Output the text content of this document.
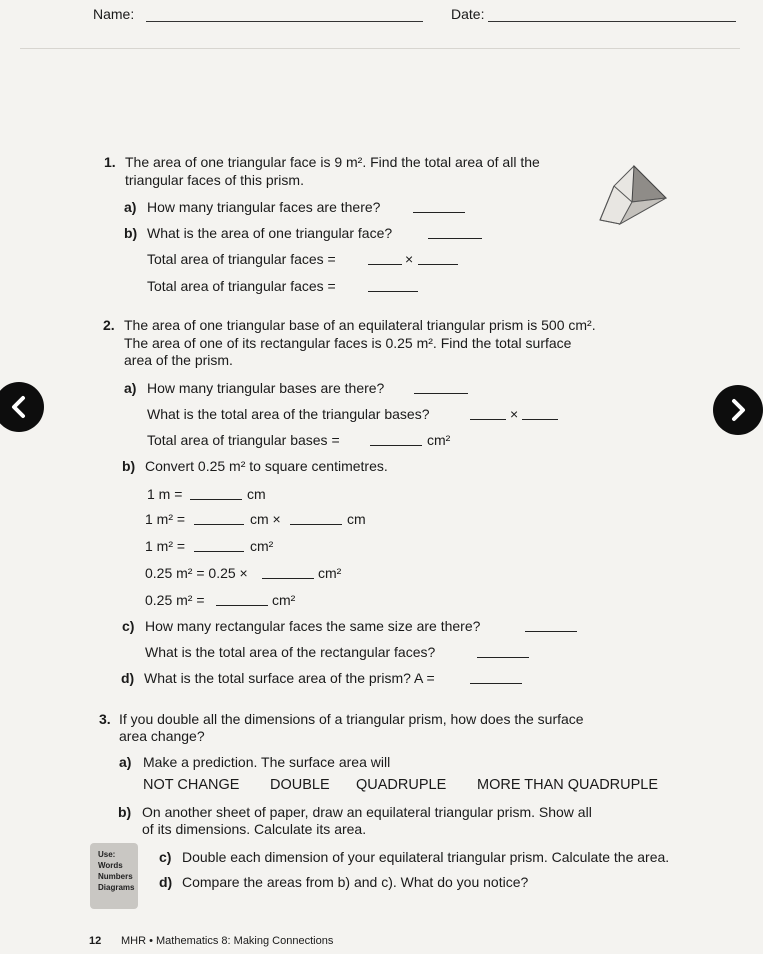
Name:	Date:
1. The area of one triangular face is 9 m². Find the total area of all the
triangular faces of this prism.
a) How many triangular faces are there?
b) What is the area of one triangular face?
Total area of triangular faces =	×
Total area of triangular faces =
2. The area of one triangular base of an equilateral triangular prism is 500 cm².
The area of one of its rectangular faces is 0.25 m². Find the total surface
area of the prism.
a) How many triangular bases are there?
What is the total area of the triangular bases?	×
Total area of triangular bases =	cm²
b) Convert 0.25 m² to square centimetres.
1 m =	cm
1 m² =	cm ×	cm
1 m² =	cm²
0.25 m² = 0.25 ×	cm²
0.25 m² =	cm²
c) How many rectangular faces the same size are there?
What is the total area of the rectangular faces?
d) What is the total surface area of the prism? A =
3. If you double all the dimensions of a triangular prism, how does the surface
area change?
a) Make a prediction. The surface area will
NOT CHANGE DOUBLE QUADRUPLE MORE THAN QUADRUPLE
b) On another sheet of paper, draw an equilateral triangular prism. Show all
of its dimensions. Calculate its area.
Use:
Words
Numbers
Diagrams
c) Double each dimension of your equilateral triangular prism. Calculate the area.
d) Compare the areas from b) and c). What do you notice?
12 MHR • Mathematics 8: Making Connections
